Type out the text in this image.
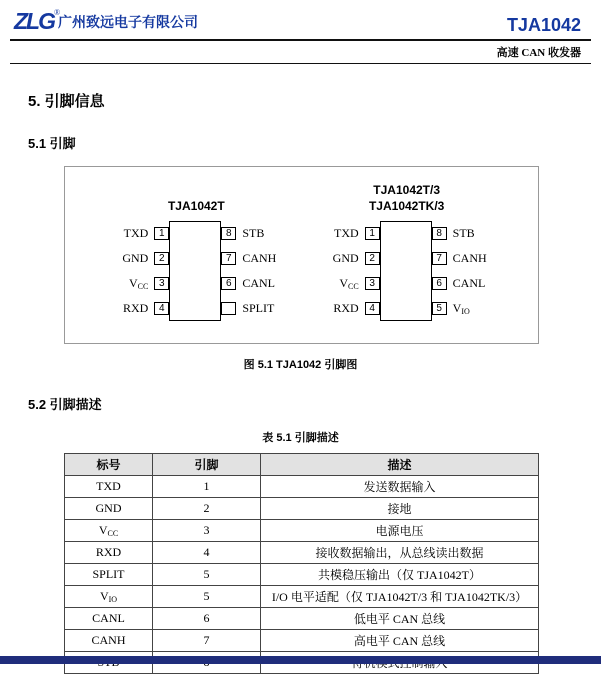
ZLG ®
广州致远电子有限公司	TJA1042
高速 CAN 收发器
5. 引脚信息
5.1 引脚
TJA1042T
TXD	1	8 STB
GND	2	7 CANH
$V_{CC}$	3	6 CANL
RXD	4	SPLIT
TJA1042T/3
TJA1042TK/3
TXD	1	8 STB
GND	2	7 CANH
$V_{CC}$	3	6 CANL
RXD	4	5 $V_{IO}$
图 5.1 TJA1042 引脚图
5.2 引脚描述
表 5.1 引脚描述
标号	引脚	描述
TXD	1	发送数据输入
GND	2	接地
$V_{CC}$	3	电源电压
RXD	4	接收数据输出，从总线读出数据
SPLIT	5	共模稳压输出（仅 TJA1042T）
$V_{IO}$	5	I/O 电平适配（仅 TJA1042T/3 和 TJA1042TK/3）
CANL	6	低电平 CAN 总线
CANH	7	高电平 CAN 总线
